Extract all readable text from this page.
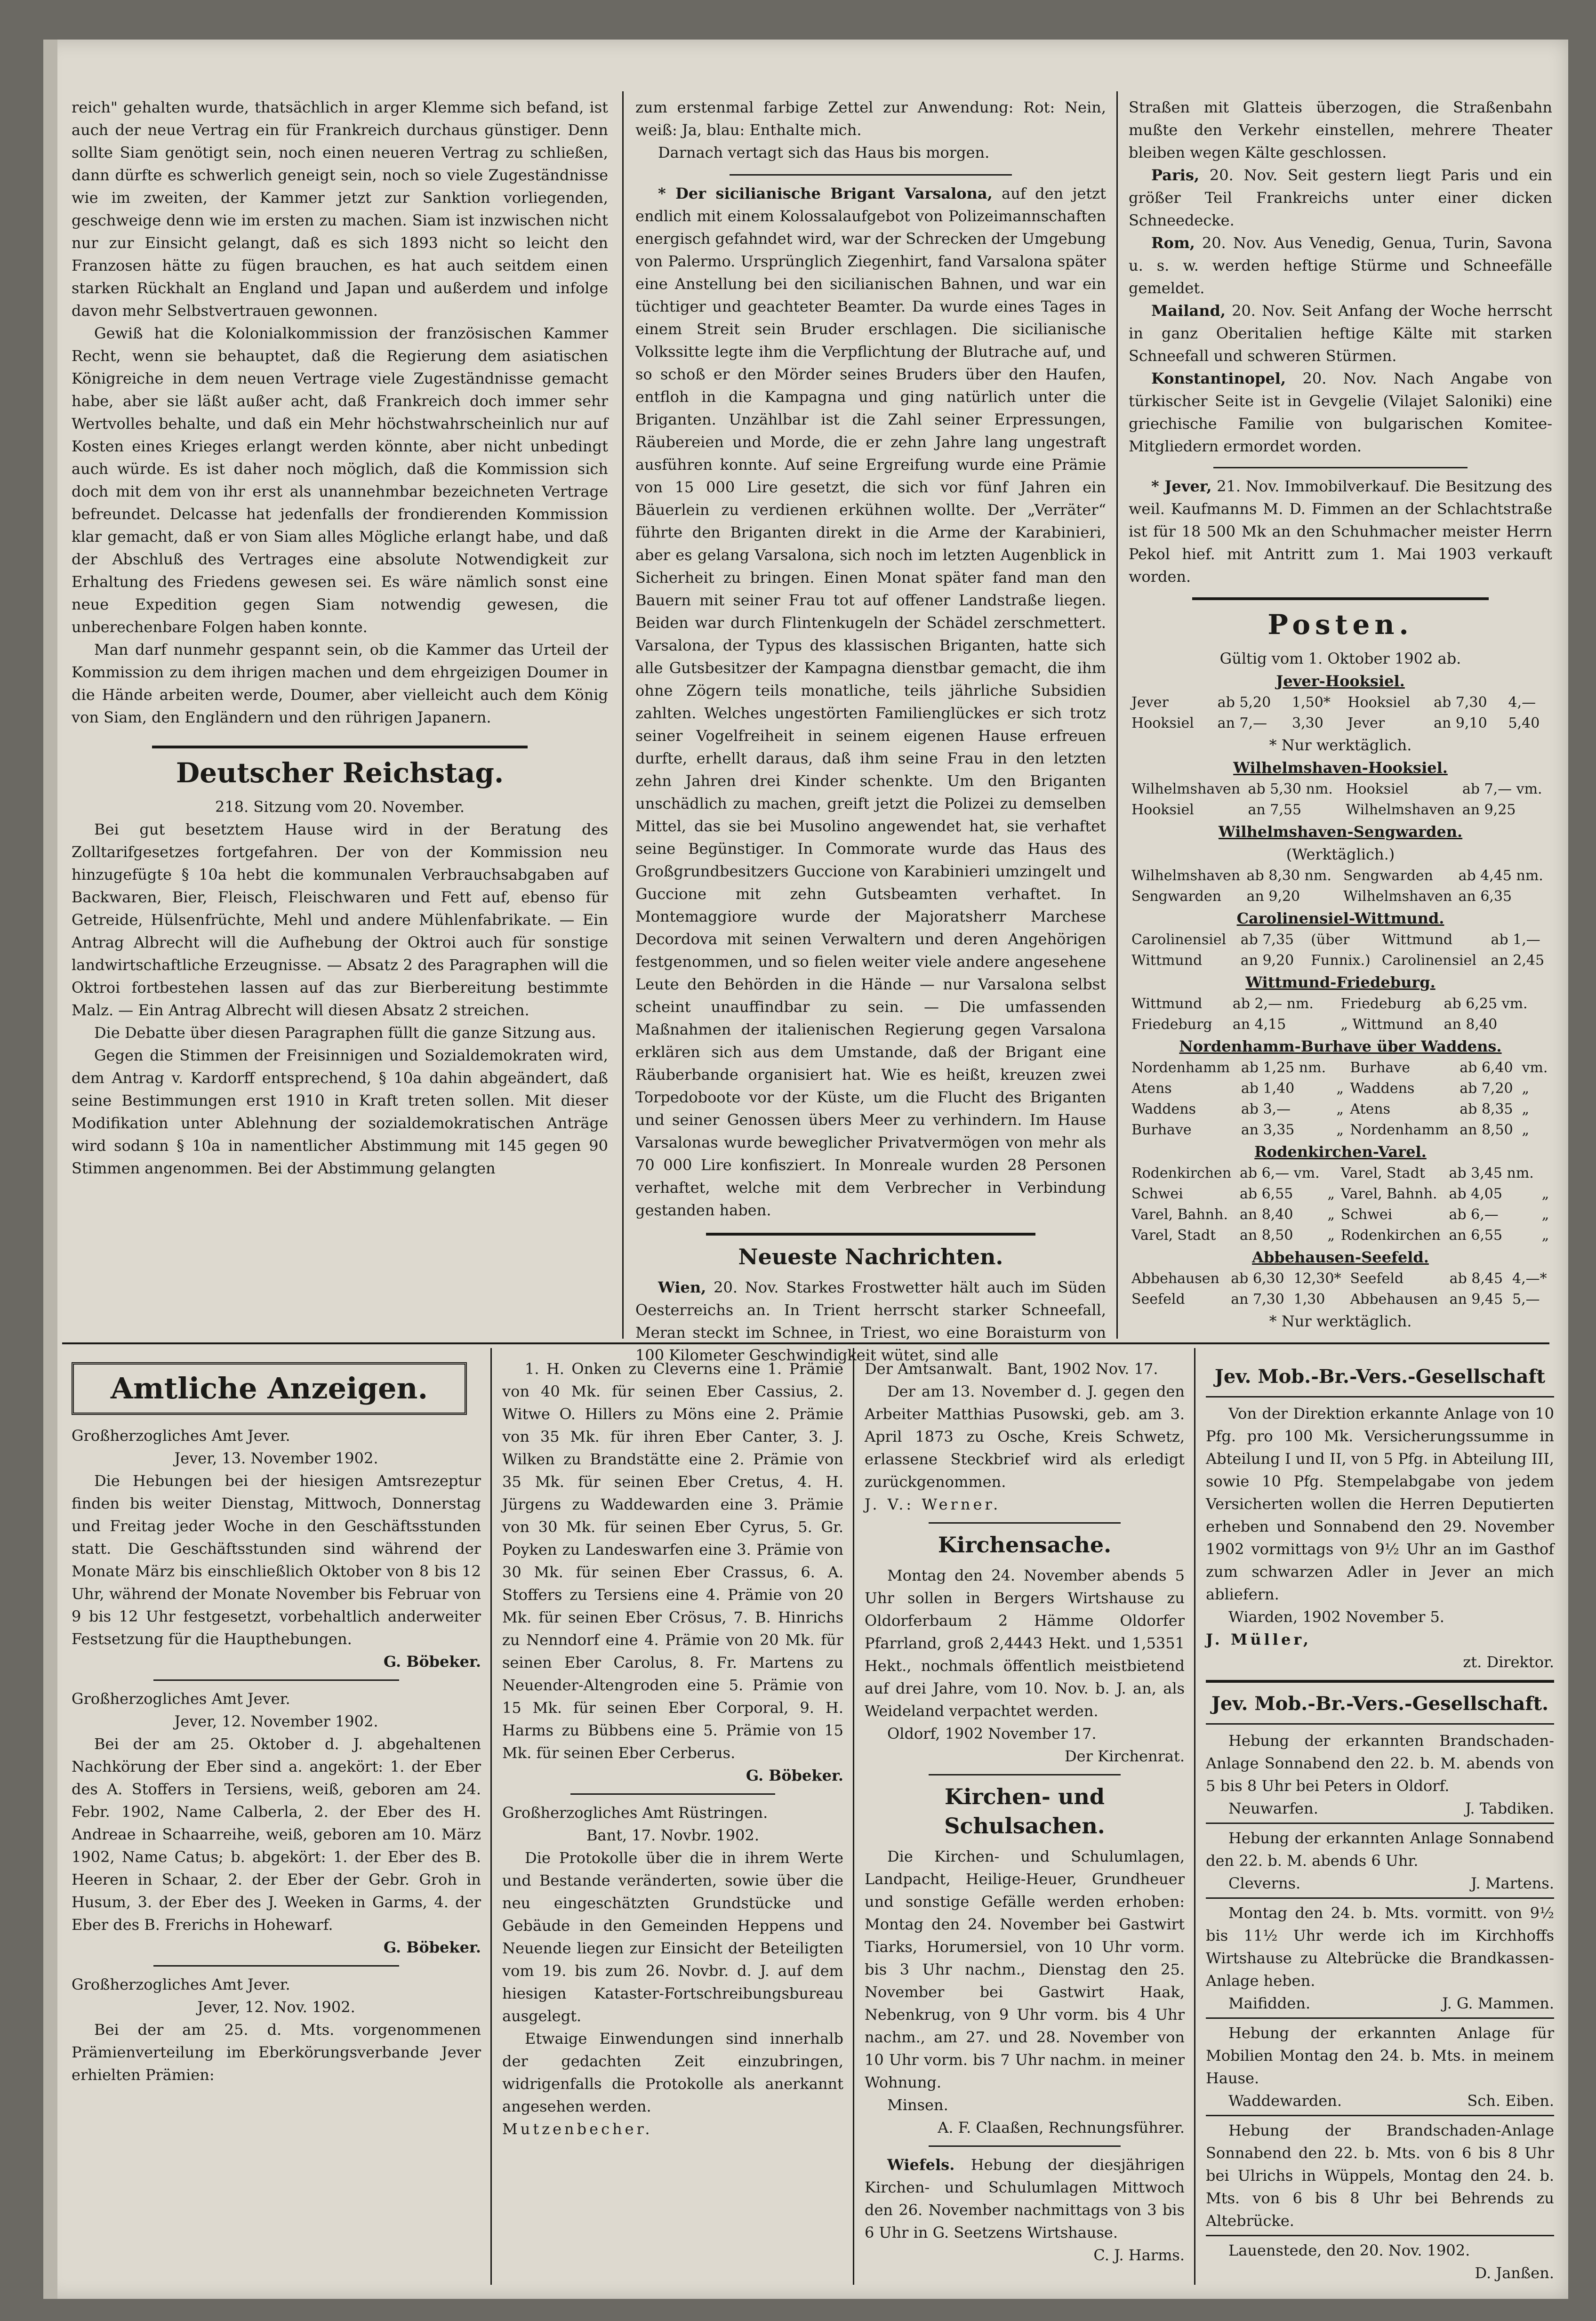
reich" gehalten wurde, thatsächlich in arger Klemme sich befand, ist auch der neue Vertrag ein für Frankreich durchaus günstiger. Denn sollte Siam genötigt sein, noch einen neueren Vertrag zu schließen, dann dürfte es schwerlich geneigt sein, noch so viele Zugeständnisse wie im zweiten, der Kammer jetzt zur Sanktion vorliegenden, geschweige denn wie im ersten zu machen. Siam ist inzwischen nicht nur zur Einsicht gelangt, daß es sich 1893 nicht so leicht den Franzosen hätte zu fügen brauchen, es hat auch seitdem einen starken Rückhalt an England und Japan und außerdem und infolge davon mehr Selbstvertrauen gewonnen.

Gewiß hat die Kolonialkommission der französischen Kammer Recht, wenn sie behauptet, daß die Regierung dem asiatischen Königreiche in dem neuen Vertrage viele Zugeständnisse gemacht habe, aber sie läßt außer acht, daß Frankreich doch immer sehr Wertvolles behalte, und daß ein Mehr höchstwahrscheinlich nur auf Kosten eines Krieges erlangt werden könnte, aber nicht unbedingt auch würde. Es ist daher noch möglich, daß die Kommission sich doch mit dem von ihr erst als unannehmbar bezeichneten Vertrage befreundet. Delcasse hat jedenfalls der frondierenden Kommission klar gemacht, daß er von Siam alles Mögliche erlangt habe, und daß der Abschluß des Vertrages eine absolute Notwendigkeit zur Erhaltung des Friedens gewesen sei. Es wäre nämlich sonst eine neue Expedition gegen Siam notwendig gewesen, die unberechenbare Folgen haben konnte.

Man darf nunmehr gespannt sein, ob die Kammer das Urteil der Kommission zu dem ihrigen machen und dem ehrgeizigen Doumer in die Hände arbeiten werde, Doumer, aber vielleicht auch dem König von Siam, den Engländern und den rührigen Japanern.

Deutscher Reichstag.

218. Sitzung vom 20. November.

Bei gut besetztem Hause wird in der Beratung des Zolltarifgesetzes fortgefahren. Der von der Kommission neu hinzugefügte § 10a hebt die kommunalen Verbrauchsabgaben auf Backwaren, Bier, Fleisch, Fleischwaren und Fett auf, ebenso für Getreide, Hülsenfrüchte, Mehl und andere Mühlenfabrikate. — Ein Antrag Albrecht will die Aufhebung der Oktroi auch für sonstige landwirtschaftliche Erzeugnisse. — Absatz 2 des Paragraphen will die Oktroi fortbestehen lassen auf das zur Bierbereitung bestimmte Malz. — Ein Antrag Albrecht will diesen Absatz 2 streichen.

Die Debatte über diesen Paragraphen füllt die ganze Sitzung aus.

Gegen die Stimmen der Freisinnigen und Sozialdemokraten wird, dem Antrag v. Kardorff entsprechend, § 10a dahin abgeändert, daß seine Bestimmungen erst 1910 in Kraft treten sollen. Mit dieser Modifikation unter Ablehnung der sozialdemokratischen Anträge wird sodann § 10a in namentlicher Abstimmung mit 145 gegen 90 Stimmen angenommen. Bei der Abstimmung gelangten

zum erstenmal farbige Zettel zur Anwendung: Rot: Nein, weiß: Ja, blau: Enthalte mich.

Darnach vertagt sich das Haus bis morgen.

* Der sicilianische Brigant Varsalona, auf den jetzt endlich mit einem Kolossalaufgebot von Polizeimannschaften energisch gefahndet wird, war der Schrecken der Umgebung von Palermo. Ursprünglich Ziegenhirt, fand Varsalona später eine Anstellung bei den sicilianischen Bahnen, und war ein tüchtiger und geachteter Beamter. Da wurde eines Tages in einem Streit sein Bruder erschlagen. Die sicilianische Volkssitte legte ihm die Verpflichtung der Blutrache auf, und so schoß er den Mörder seines Bruders über den Haufen, entfloh in die Kampagna und ging natürlich unter die Briganten. Unzählbar ist die Zahl seiner Erpressungen, Räubereien und Morde, die er zehn Jahre lang ungestraft ausführen konnte. Auf seine Ergreifung wurde eine Prämie von 15 000 Lire gesetzt, die sich vor fünf Jahren ein Bäuerlein zu verdienen erkühnen wollte. Der „Verräter“ führte den Briganten direkt in die Arme der Karabinieri, aber es gelang Varsalona, sich noch im letzten Augenblick in Sicherheit zu bringen. Einen Monat später fand man den Bauern mit seiner Frau tot auf offener Landstraße liegen. Beiden war durch Flintenkugeln der Schädel zerschmettert. Varsalona, der Typus des klassischen Briganten, hatte sich alle Gutsbesitzer der Kampagna dienstbar gemacht, die ihm ohne Zögern teils monatliche, teils jährliche Subsidien zahlten. Welches ungestörten Familienglückes er sich trotz seiner Vogelfreiheit in seinem eigenen Hause erfreuen durfte, erhellt daraus, daß ihm seine Frau in den letzten zehn Jahren drei Kinder schenkte. Um den Briganten unschädlich zu machen, greift jetzt die Polizei zu demselben Mittel, das sie bei Musolino angewendet hat, sie verhaftet seine Begünstiger. In Commorate wurde das Haus des Großgrundbesitzers Guccione von Karabinieri umzingelt und Guccione mit zehn Gutsbeamten verhaftet. In Montemaggiore wurde der Majoratsherr Marchese Decordova mit seinen Verwaltern und deren Angehörigen festgenommen, und so fielen weiter viele andere angesehene Leute den Behörden in die Hände — nur Varsalona selbst scheint unauffindbar zu sein. — Die umfassenden Maßnahmen der italienischen Regierung gegen Varsalona erklären sich aus dem Umstande, daß der Brigant eine Räuberbande organisiert hat. Wie es heißt, kreuzen zwei Torpedoboote vor der Küste, um die Flucht des Briganten und seiner Genossen übers Meer zu verhindern. Im Hause Varsalonas wurde beweglicher Privatvermögen von mehr als 70 000 Lire konfisziert. In Monreale wurden 28 Personen verhaftet, welche mit dem Verbrecher in Verbindung gestanden haben.

Neueste Nachrichten.

Wien, 20. Nov. Starkes Frostwetter hält auch im Süden Oesterreichs an. In Trient herrscht starker Schneefall, Meran steckt im Schnee, in Triest, wo eine Boraisturm von 100 Kilometer Geschwindigkeit wütet, sind alle

Straßen mit Glatteis überzogen, die Straßenbahn mußte den Verkehr einstellen, mehrere Theater bleiben wegen Kälte geschlossen.

Paris, 20. Nov. Seit gestern liegt Paris und ein größer Teil Frankreichs unter einer dicken Schneedecke.

Rom, 20. Nov. Aus Venedig, Genua, Turin, Savona u. s. w. werden heftige Stürme und Schneefälle gemeldet.

Mailand, 20. Nov. Seit Anfang der Woche herrscht in ganz Oberitalien heftige Kälte mit starken Schneefall und schweren Stürmen.

Konstantinopel, 20. Nov. Nach Angabe von türkischer Seite ist in Gevgelie (Vilajet Saloniki) eine griechische Familie von bulgarischen Komitee-Mitgliedern ermordet worden.

* Jever, 21. Nov. Immobilverkauf. Die Besitzung des weil. Kaufmanns M. D. Fimmen an der Schlachtstraße ist für 18 500 Mk an den Schuhmacher meister Herrn Pekol hief. mit Antritt zum 1. Mai 1903 verkauft worden.

Posten.

Gültig vom 1. Oktober 1902 ab.

Jever-Hooksiel.
Jever	ab 5,20	1,50*	Hooksiel	ab 7,30	4,—
Hooksiel	an 7,—	3,30	Jever	an 9,10	5,40

* Nur werktäglich.

Wilhelmshaven-Hooksiel.
Wilhelmshaven	ab 5,30 nm.		Hooksiel	ab 7,— vm.	
Hooksiel	an 7,55		Wilhelmshaven	an 9,25	
Wilhelmshaven-Sengwarden.

(Werktäglich.)

Wilhelmshaven	ab 8,30 nm.		Sengwarden	ab 4,45 nm.	
Sengwarden	an 9,20		Wilhelmshaven	an 6,35	
Carolinensiel-Wittmund.
Carolinensiel	ab 7,35		(über	Wittmund	ab 1,—
Wittmund	an 9,20		Funnix.)	Carolinensiel	an 2,45
Wittmund-Friedeburg.
Wittmund	ab 2,— nm.		Friedeburg	ab 6,25 vm.	
Friedeburg	an 4,15		„ Wittmund	an 8,40	
Nordenhamm-Burhave über Waddens.
Nordenhamm	ab 1,25 nm.		Burhave	ab 6,40	vm.
Atens	ab 1,40	„	Waddens	ab 7,20	„
Waddens	ab 3,—	„	Atens	ab 8,35	„
Burhave	an 3,35	„	Nordenhamm	an 8,50	„
Rodenkirchen-Varel.
Rodenkirchen	ab 6,— vm.		Varel, Stadt	ab 3,45 nm.	
Schwei	ab 6,55	„	Varel, Bahnh.	ab 4,05	„
Varel, Bahnh.	an 8,40	„	Schwei	ab 6,—	„
Varel, Stadt	an 8,50	„	Rodenkirchen	an 6,55	„
Abbehausen-Seefeld.
Abbehausen	ab 6,30	12,30*	Seefeld	ab 8,45	4,—*
Seefeld	an 7,30	1,30	Abbehausen	an 9,45	5,—

* Nur werktäglich.

Amtliche Anzeigen.

Großherzogliches Amt Jever.

Jever, 13. November 1902.

Die Hebungen bei der hiesigen Amtsrezeptur finden bis weiter Dienstag, Mittwoch, Donnerstag und Freitag jeder Woche in den Geschäftsstunden statt. Die Geschäftsstunden sind während der Monate März bis einschließlich Oktober von 8 bis 12 Uhr, während der Monate November bis Februar von 9 bis 12 Uhr festgesetzt, vorbehaltlich anderweiter Festsetzung für die Haupthebungen.

G. Böbeker.

Großherzogliches Amt Jever.

Jever, 12. November 1902.

Bei der am 25. Oktober d. J. abgehaltenen Nachkörung der Eber sind a. angekört: 1. der Eber des A. Stoffers in Tersiens, weiß, geboren am 24. Febr. 1902, Name Calberla, 2. der Eber des H. Andreae in Schaarreihe, weiß, geboren am 10. März 1902, Name Catus; b. abgekört: 1. der Eber des B. Heeren in Schaar, 2. der Eber der Gebr. Groh in Husum, 3. der Eber des J. Weeken in Garms, 4. der Eber des B. Frerichs in Hohewarf.

G. Böbeker.

Großherzogliches Amt Jever.

Jever, 12. Nov. 1902.

Bei der am 25. d. Mts. vorgenommenen Prämienverteilung im Eberkörungsverbande Jever erhielten Prämien:

1. H. Onken zu Cleverns eine 1. Prämie von 40 Mk. für seinen Eber Cassius, 2. Witwe O. Hillers zu Möns eine 2. Prämie von 35 Mk. für ihren Eber Canter, 3. J. Wilken zu Brandstätte eine 2. Prämie von 35 Mk. für seinen Eber Cretus, 4. H. Jürgens zu Waddewarden eine 3. Prämie von 30 Mk. für seinen Eber Cyrus, 5. Gr. Poyken zu Landeswarfen eine 3. Prämie von 30 Mk. für seinen Eber Crassus, 6. A. Stoffers zu Tersiens eine 4. Prämie von 20 Mk. für seinen Eber Crösus, 7. B. Hinrichs zu Nenndorf eine 4. Prämie von 20 Mk. für seinen Eber Carolus, 8. Fr. Martens zu Neuender-Altengroden eine 5. Prämie von 15 Mk. für seinen Eber Corporal, 9. H. Harms zu Bübbens eine 5. Prämie von 15 Mk. für seinen Eber Cerberus.

G. Böbeker.

Großherzogliches Amt Rüstringen.

Bant, 17. Novbr. 1902.

Die Protokolle über die in ihrem Werte und Bestande veränderten, sowie über die neu eingeschätzten Grundstücke und Gebäude in den Gemeinden Heppens und Neuende liegen zur Einsicht der Beteiligten vom 19. bis zum 26. Novbr. d. J. auf dem hiesigen Kataster-Fortschreibungsbureau ausgelegt.

Etwaige Einwendungen sind innerhalb der gedachten Zeit einzubringen, widrigenfalls die Protokolle als anerkannt angesehen werden.

Mutzenbecher.

Der Amtsanwalt. Bant, 1902 Nov. 17.

Der am 13. November d. J. gegen den Arbeiter Matthias Pusowski, geb. am 3. April 1873 zu Osche, Kreis Schwetz, erlassene Steckbrief wird als erledigt zurückgenommen.

J. V.: Werner.

Kirchensache.

Montag den 24. November abends 5 Uhr sollen in Bergers Wirtshause zu Oldorferbaum 2 Hämme Oldorfer Pfarrland, groß 2,4443 Hekt. und 1,5351 Hekt., nochmals öffentlich meistbietend auf drei Jahre, vom 10. Nov. b. J. an, als Weideland verpachtet werden.

Oldorf, 1902 November 17.

Der Kirchenrat.

Kirchen- und Schulsachen.

Die Kirchen- und Schulumlagen, Landpacht, Heilige-Heuer, Grundheuer und sonstige Gefälle werden erhoben: Montag den 24. November bei Gastwirt Tiarks, Horumersiel, von 10 Uhr vorm. bis 3 Uhr nachm., Dienstag den 25. November bei Gastwirt Haak, Nebenkrug, von 9 Uhr vorm. bis 4 Uhr nachm., am 27. und 28. November von 10 Uhr vorm. bis 7 Uhr nachm. in meiner Wohnung.

Minsen.

A. F. Claaßen, Rechnungsführer.

Wiefels. Hebung der diesjährigen Kirchen- und Schulumlagen Mittwoch den 26. November nachmittags von 3 bis 6 Uhr in G. Seetzens Wirtshause.

C. J. Harms.

Jev. Mob.-Br.-Vers.-Gesellschaft

Von der Direktion erkannte Anlage von 10 Pfg. pro 100 Mk. Versicherungssumme in Abteilung I und II, von 5 Pfg. in Abteilung III, sowie 10 Pfg. Stempelabgabe von jedem Versicherten wollen die Herren Deputierten erheben und Sonnabend den 29. November 1902 vormittags von 9½ Uhr an im Gasthof zum schwarzen Adler in Jever an mich abliefern.

Wiarden, 1902 November 5.

J. Müller,

zt. Direktor.

Jev. Mob.-Br.-Vers.-Gesellschaft.

Hebung der erkannten Brandschaden-Anlage Sonnabend den 22. b. M. abends von 5 bis 8 Uhr bei Peters in Oldorf.

Neuwarfen.	J. Tabdiken.

Hebung der erkannten Anlage Sonnabend den 22. b. M. abends 6 Uhr.

Cleverns.	J. Martens.

Montag den 24. b. Mts. vormitt. von 9½ bis 11½ Uhr werde ich im Kirchhoffs Wirtshause zu Altebrücke die Brandkassen-Anlage heben.

Maifidden.	J. G. Mammen.

Hebung der erkannten Anlage für Mobilien Montag den 24. b. Mts. in meinem Hause.

Waddewarden.	Sch. Eiben.

Hebung der Brandschaden-Anlage Sonnabend den 22. b. Mts. von 6 bis 8 Uhr bei Ulrichs in Wüppels, Montag den 24. b. Mts. von 6 bis 8 Uhr bei Behrends zu Altebrücke.

Lauenstede, den 20. Nov. 1902.

D. Janßen.
